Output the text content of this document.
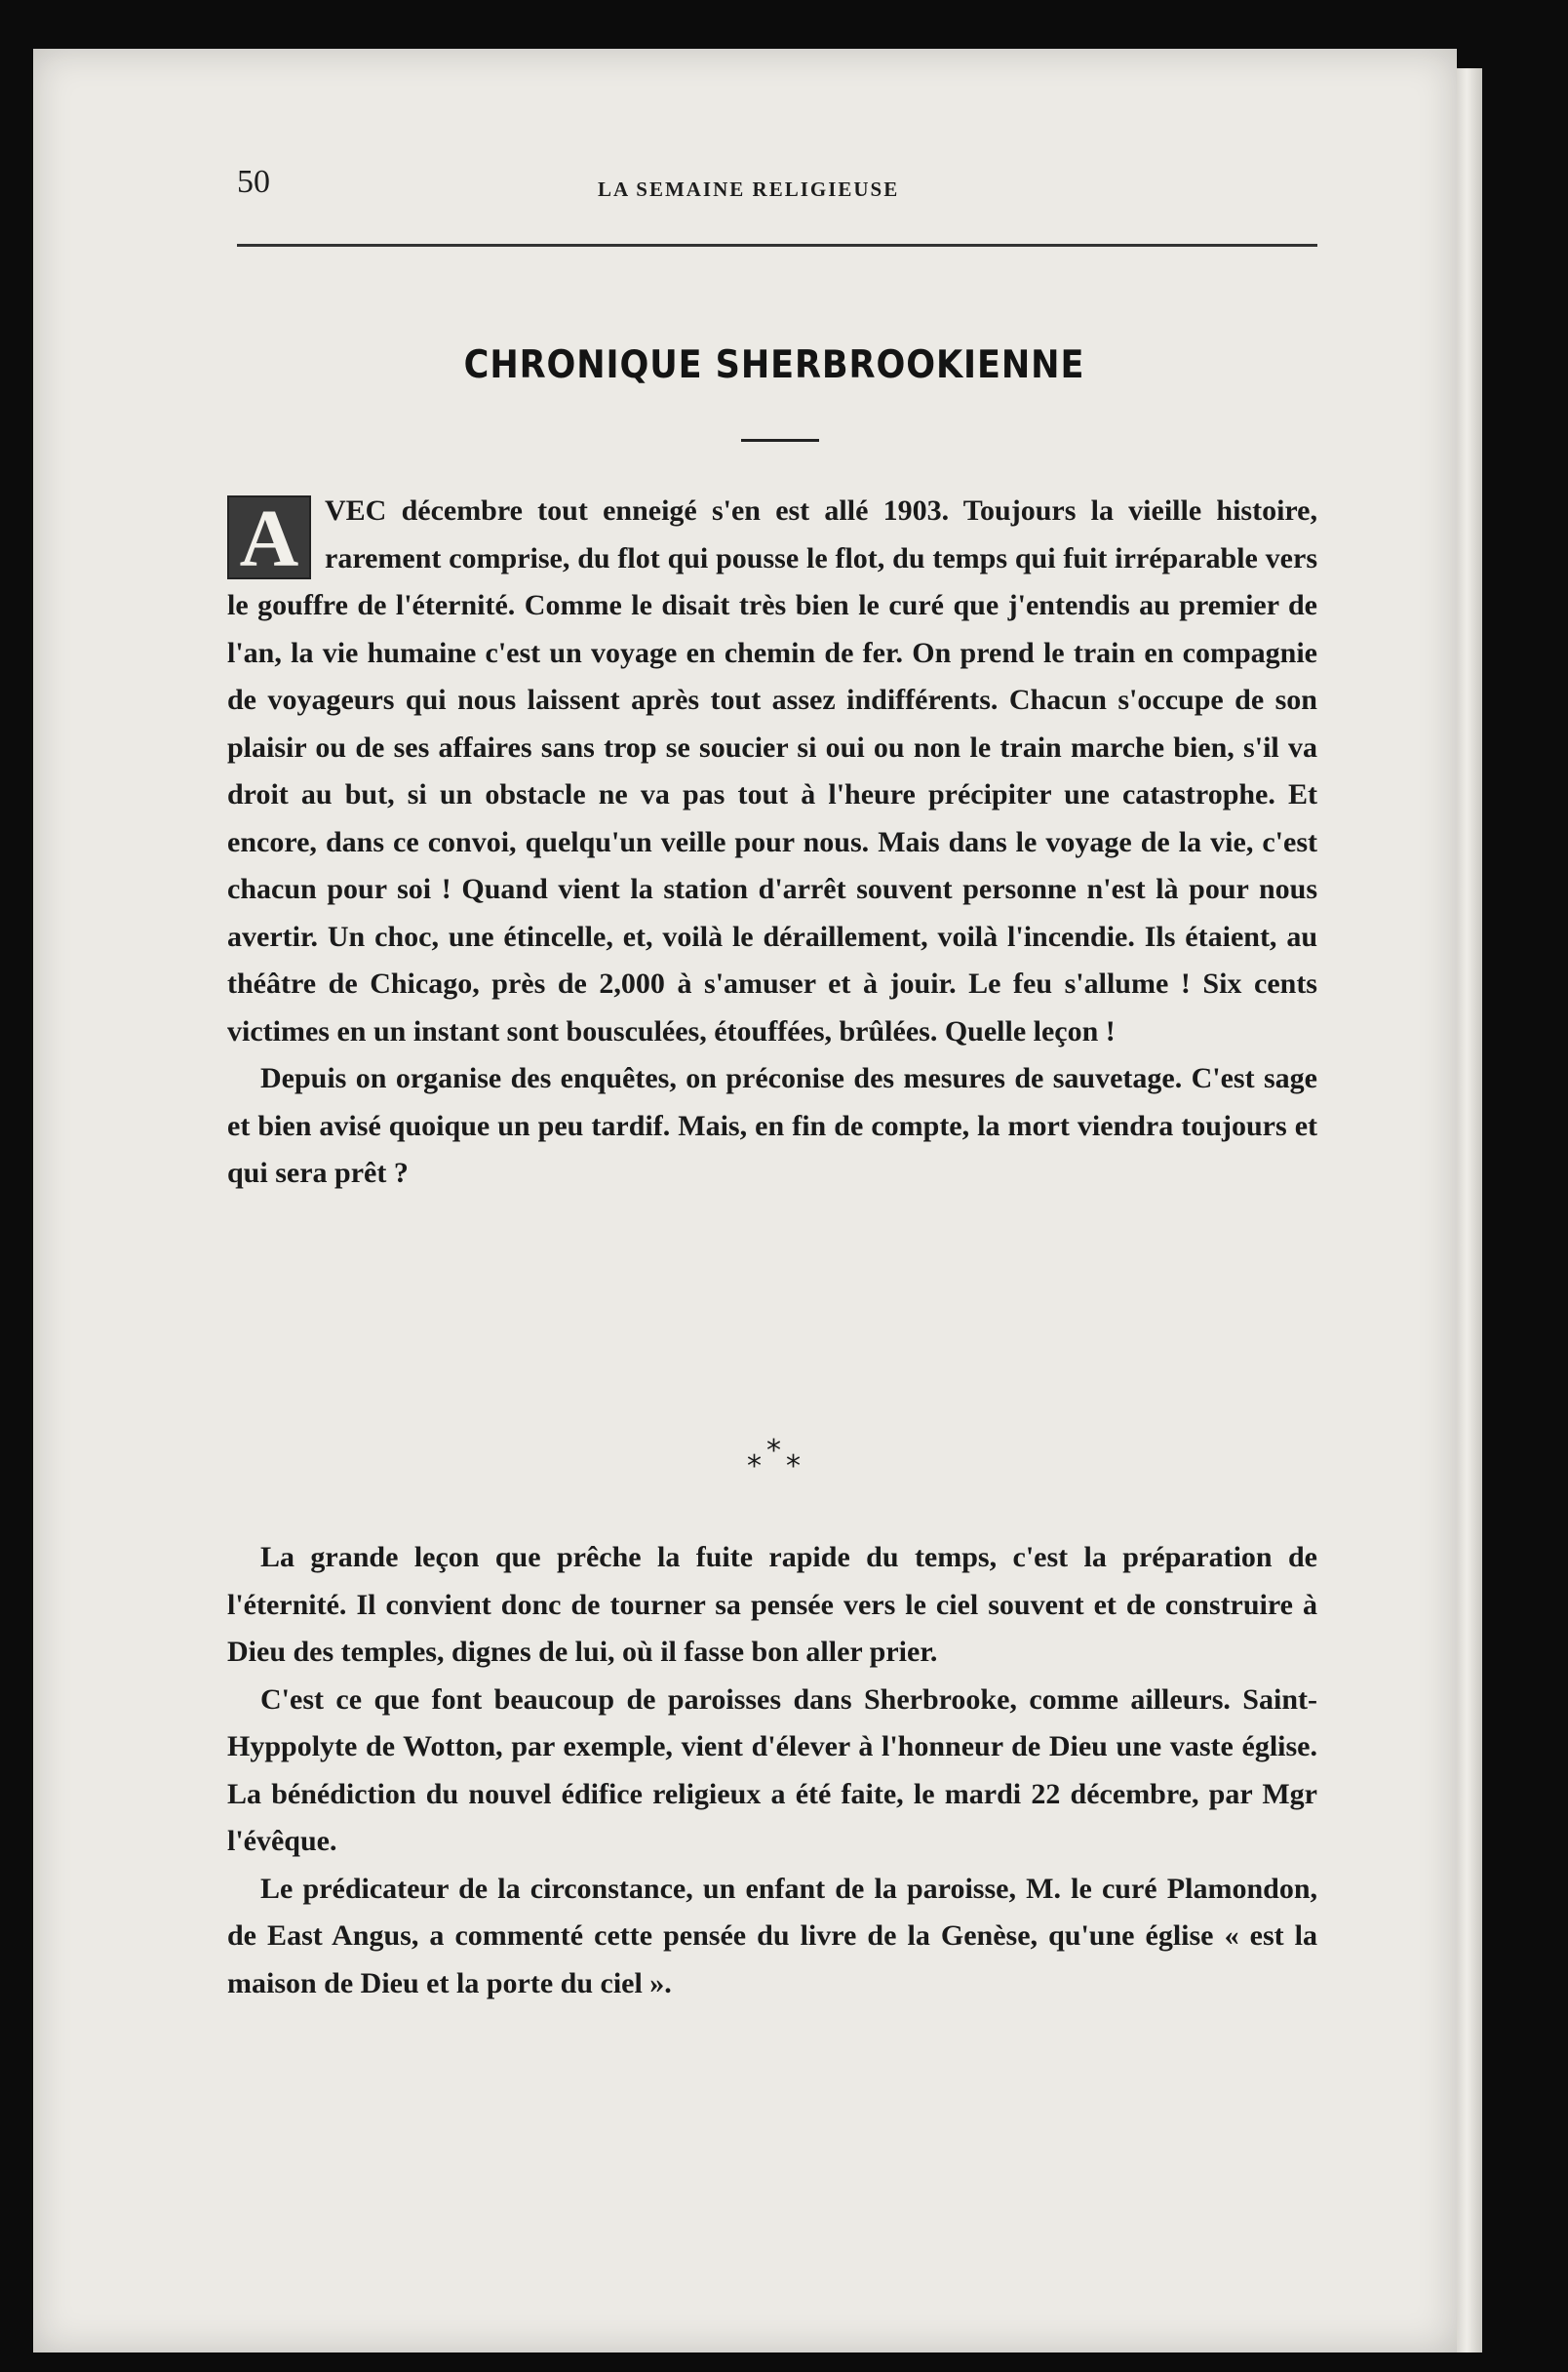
50	LA SEMAINE RELIGIEUSE
CHRONIQUE SHERBROOKIENNE

A VEC décembre tout enneigé s'en est allé 1903. Toujours la vieille histoire, rarement comprise, du flot qui pousse le flot, du temps qui fuit irréparable vers le gouffre de l'éternité. Comme le disait très bien le curé que j'entendis au premier de l'an, la vie humaine c'est un voyage en chemin de fer. On prend le train en compagnie de voyageurs qui nous laissent après tout assez indifférents. Chacun s'occupe de son plaisir ou de ses affaires sans trop se soucier si oui ou non le train marche bien, s'il va droit au but, si un obstacle ne va pas tout à l'heure précipiter une catastrophe. Et encore, dans ce convoi, quelqu'un veille pour nous. Mais dans le voyage de la vie, c'est chacun pour soi ! Quand vient la station d'arrêt souvent personne n'est là pour nous avertir. Un choc, une étincelle, et, voilà le déraillement, voilà l'incendie. Ils étaient, au théâtre de Chicago, près de 2,000 à s'amuser et à jouir. Le feu s'allume ! Six cents victimes en un instant sont bousculées, étouffées, brûlées. Quelle leçon !

Depuis on organise des enquêtes, on préconise des mesures de sauvetage. C'est sage et bien avisé quoique un peu tardif. Mais, en fin de compte, la mort viendra toujours et qui sera prêt ?

*
* *

La grande leçon que prêche la fuite rapide du temps, c'est la préparation de l'éternité. Il convient donc de tourner sa pensée vers le ciel souvent et de construire à Dieu des temples, dignes de lui, où il fasse bon aller prier.

C'est ce que font beaucoup de paroisses dans Sherbrooke, comme ailleurs. Saint-Hyppolyte de Wotton, par exemple, vient d'élever à l'honneur de Dieu une vaste église. La bénédiction du nouvel édifice religieux a été faite, le mardi 22 décembre, par Mgr l'évêque.

Le prédicateur de la circonstance, un enfant de la paroisse, M. le curé Plamondon, de East Angus, a commenté cette pensée du livre de la Genèse, qu'une église « est la maison de Dieu et la porte du ciel ».
